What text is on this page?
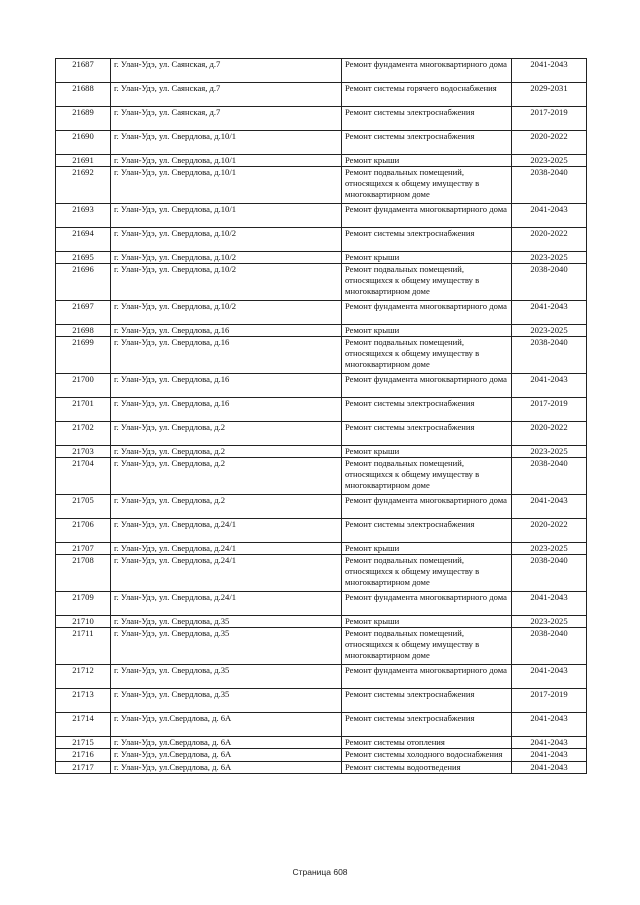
21687	г. Улан-Удэ, ул. Саянская, д.7	Ремонт фундамента многоквартирного дома	2041-2043
21688	г. Улан-Удэ, ул. Саянская, д.7	Ремонт системы горячего водоснабжения	2029-2031
21689	г. Улан-Удэ, ул. Саянская, д.7	Ремонт системы электроснабжения	2017-2019
21690	г. Улан-Удэ, ул. Свердлова, д.10/1	Ремонт системы электроснабжения	2020-2022
21691	г. Улан-Удэ, ул. Свердлова, д.10/1	Ремонт крыши	2023-2025
21692	г. Улан-Удэ, ул. Свердлова, д.10/1	Ремонт подвальных помещений, относящихся к общему имуществу в многоквартирном доме	2038-2040
21693	г. Улан-Удэ, ул. Свердлова, д.10/1	Ремонт фундамента многоквартирного дома	2041-2043
21694	г. Улан-Удэ, ул. Свердлова, д.10/2	Ремонт системы электроснабжения	2020-2022
21695	г. Улан-Удэ, ул. Свердлова, д.10/2	Ремонт крыши	2023-2025
21696	г. Улан-Удэ, ул. Свердлова, д.10/2	Ремонт подвальных помещений, относящихся к общему имуществу в многоквартирном доме	2038-2040
21697	г. Улан-Удэ, ул. Свердлова, д.10/2	Ремонт фундамента многоквартирного дома	2041-2043
21698	г. Улан-Удэ, ул. Свердлова, д.16	Ремонт крыши	2023-2025
21699	г. Улан-Удэ, ул. Свердлова, д.16	Ремонт подвальных помещений, относящихся к общему имуществу в многоквартирном доме	2038-2040
21700	г. Улан-Удэ, ул. Свердлова, д.16	Ремонт фундамента многоквартирного дома	2041-2043
21701	г. Улан-Удэ, ул. Свердлова, д.16	Ремонт системы электроснабжения	2017-2019
21702	г. Улан-Удэ, ул. Свердлова, д.2	Ремонт системы электроснабжения	2020-2022
21703	г. Улан-Удэ, ул. Свердлова, д.2	Ремонт крыши	2023-2025
21704	г. Улан-Удэ, ул. Свердлова, д.2	Ремонт подвальных помещений, относящихся к общему имуществу в многоквартирном доме	2038-2040
21705	г. Улан-Удэ, ул. Свердлова, д.2	Ремонт фундамента многоквартирного дома	2041-2043
21706	г. Улан-Удэ, ул. Свердлова, д.24/1	Ремонт системы электроснабжения	2020-2022
21707	г. Улан-Удэ, ул. Свердлова, д.24/1	Ремонт крыши	2023-2025
21708	г. Улан-Удэ, ул. Свердлова, д.24/1	Ремонт подвальных помещений, относящихся к общему имуществу в многоквартирном доме	2038-2040
21709	г. Улан-Удэ, ул. Свердлова, д.24/1	Ремонт фундамента многоквартирного дома	2041-2043
21710	г. Улан-Удэ, ул. Свердлова, д.35	Ремонт крыши	2023-2025
21711	г. Улан-Удэ, ул. Свердлова, д.35	Ремонт подвальных помещений, относящихся к общему имуществу в многоквартирном доме	2038-2040
21712	г. Улан-Удэ, ул. Свердлова, д.35	Ремонт фундамента многоквартирного дома	2041-2043
21713	г. Улан-Удэ, ул. Свердлова, д.35	Ремонт системы электроснабжения	2017-2019
21714	г. Улан-Удэ, ул.Свердлова, д. 6А	Ремонт системы электроснабжения	2041-2043
21715	г. Улан-Удэ, ул.Свердлова, д. 6А	Ремонт системы отопления	2041-2043
21716	г. Улан-Удэ, ул.Свердлова, д. 6А	Ремонт системы холодного водоснабжения	2041-2043
21717	г. Улан-Удэ, ул.Свердлова, д. 6А	Ремонт системы водоотведения	2041-2043
Страница 608
